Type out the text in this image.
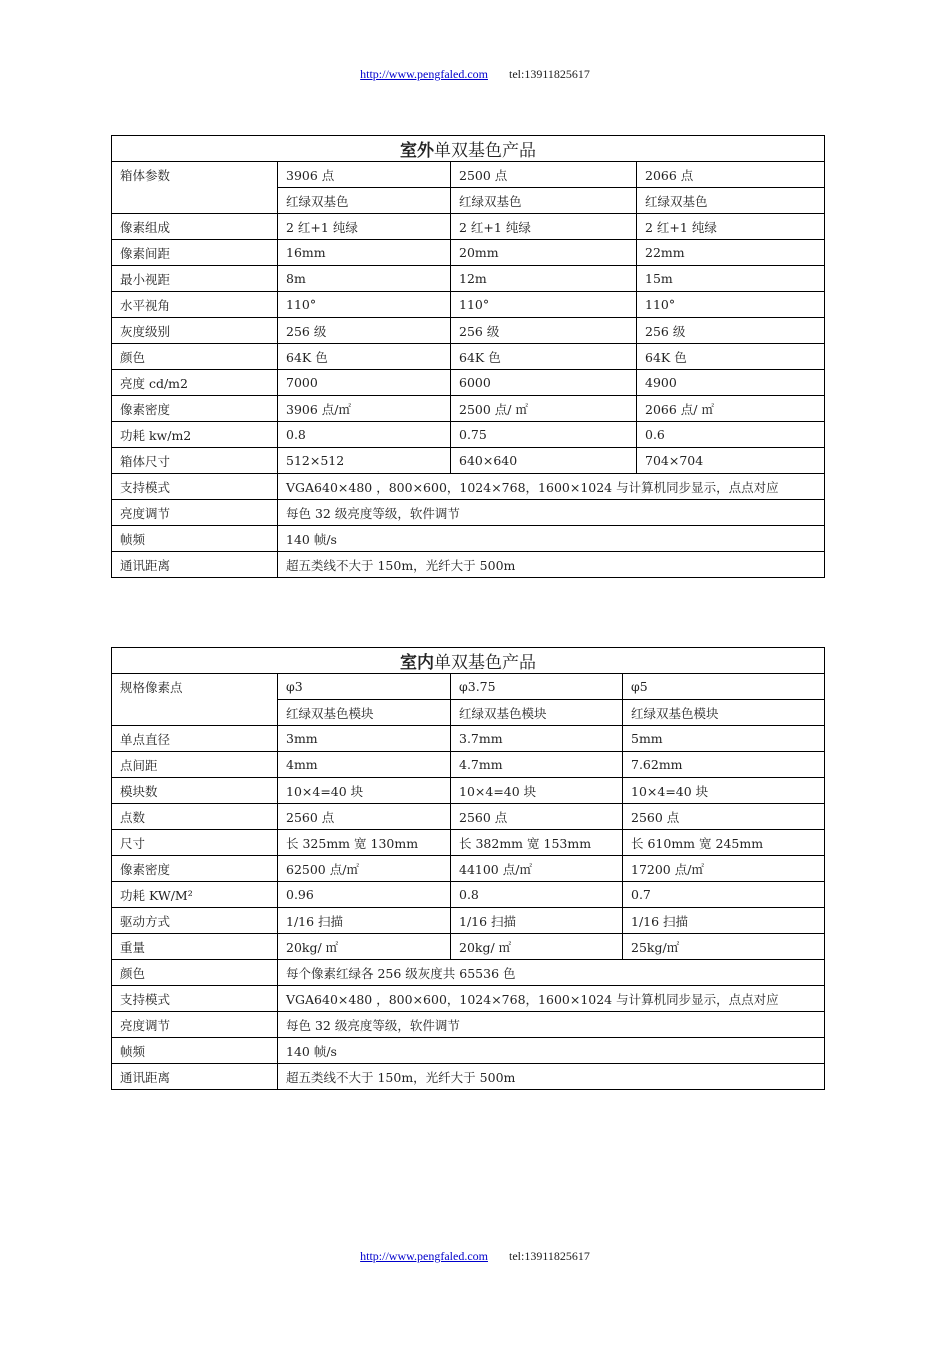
http://www.pengfaled.com tel:13911825617
室外单双基色产品			
箱体参数	3906 点	2500 点	2066 点
	红绿双基色	红绿双基色	红绿双基色
像素组成	2 红+1 纯绿	2 红+1 纯绿	2 红+1 纯绿
像素间距	16mm	20mm	22mm
最小视距	8m	12m	15m
水平视角	110°	110°	110°
灰度级别	256 级	256 级	256 级
颜色	64K 色	64K 色	64K 色
亮度 cd/m2	7000	6000	4900
像素密度	3906 点/㎡	2500 点/ ㎡	2066 点/ ㎡
功耗 kw/m2	0.8	0.75	0.6
箱体尺寸	512×512	640×640	704×704
支持模式	VGA640×480 ，800×600，1024×768，1600×1024 与计算机同步显示，点点对应		
亮度调节	每色 32 级亮度等级，软件调节		
帧频	140 帧/s		
通讯距离	超五类线不大于 150m，光纤大于 500m		
室内单双基色产品			
规格像素点	φ3	φ3.75	φ5
	红绿双基色模块	红绿双基色模块	红绿双基色模块
单点直径	3mm	3.7mm	5mm
点间距	4mm	4.7mm	7.62mm
模块数	10×4=40 块	10×4=40 块	10×4=40 块
点数	2560 点	2560 点	2560 点
尺寸	长 325mm 宽 130mm	长 382mm 宽 153mm	长 610mm 宽 245mm
像素密度	62500 点/㎡	44100 点/㎡	17200 点/㎡
功耗 KW/M²	0.96	0.8	0.7
驱动方式	1/16 扫描	1/16 扫描	1/16 扫描
重量	20kg/ ㎡	20kg/ ㎡	25kg/㎡
颜色	每个像素红绿各 256 级灰度共 65536 色		
支持模式	VGA640×480 ，800×600，1024×768，1600×1024 与计算机同步显示，点点对应		
亮度调节	每色 32 级亮度等级，软件调节		
帧频	140 帧/s		
通讯距离	超五类线不大于 150m，光纤大于 500m		
http://www.pengfaled.com tel:13911825617
